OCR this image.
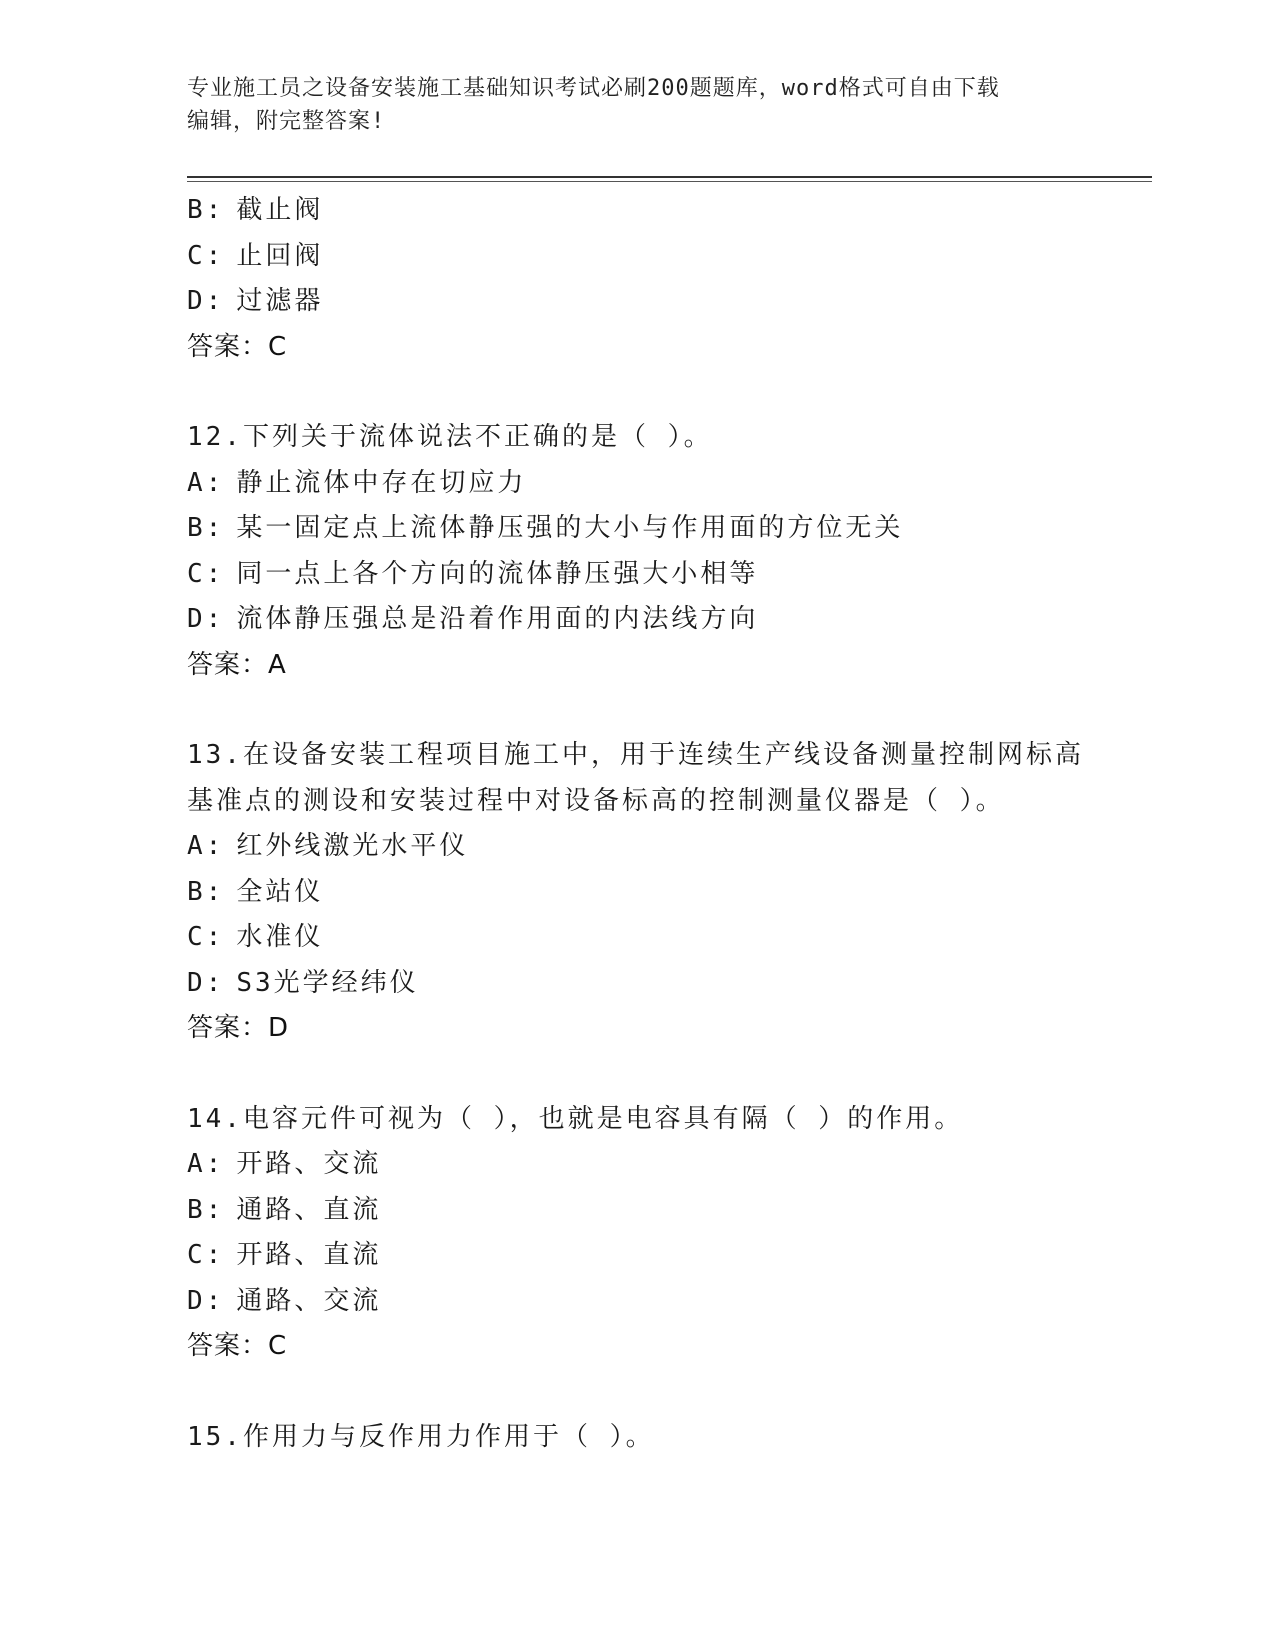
专业施工员之设备安装施工基础知识考试必刷200题题库，word格式可自由下载
编辑，附完整答案!
B: 截止阀
C: 止回阀
D: 过滤器
答案：C
12.下列关于流体说法不正确的是（ ）。
A: 静止流体中存在切应力
B: 某一固定点上流体静压强的大小与作用面的方位无关
C: 同一点上各个方向的流体静压强大小相等
D: 流体静压强总是沿着作用面的内法线方向
答案：A
13.在设备安装工程项目施工中，用于连续生产线设备测量控制网标高
基准点的测设和安装过程中对设备标高的控制测量仪器是（ ）。
A: 红外线激光水平仪
B: 全站仪
C: 水准仪
D: S3光学经纬仪
答案：D
14.电容元件可视为（ ），也就是电容具有隔（ ）的作用。
A: 开路、交流
B: 通路、直流
C: 开路、直流
D: 通路、交流
答案：C
15.作用力与反作用力作用于（ ）。
